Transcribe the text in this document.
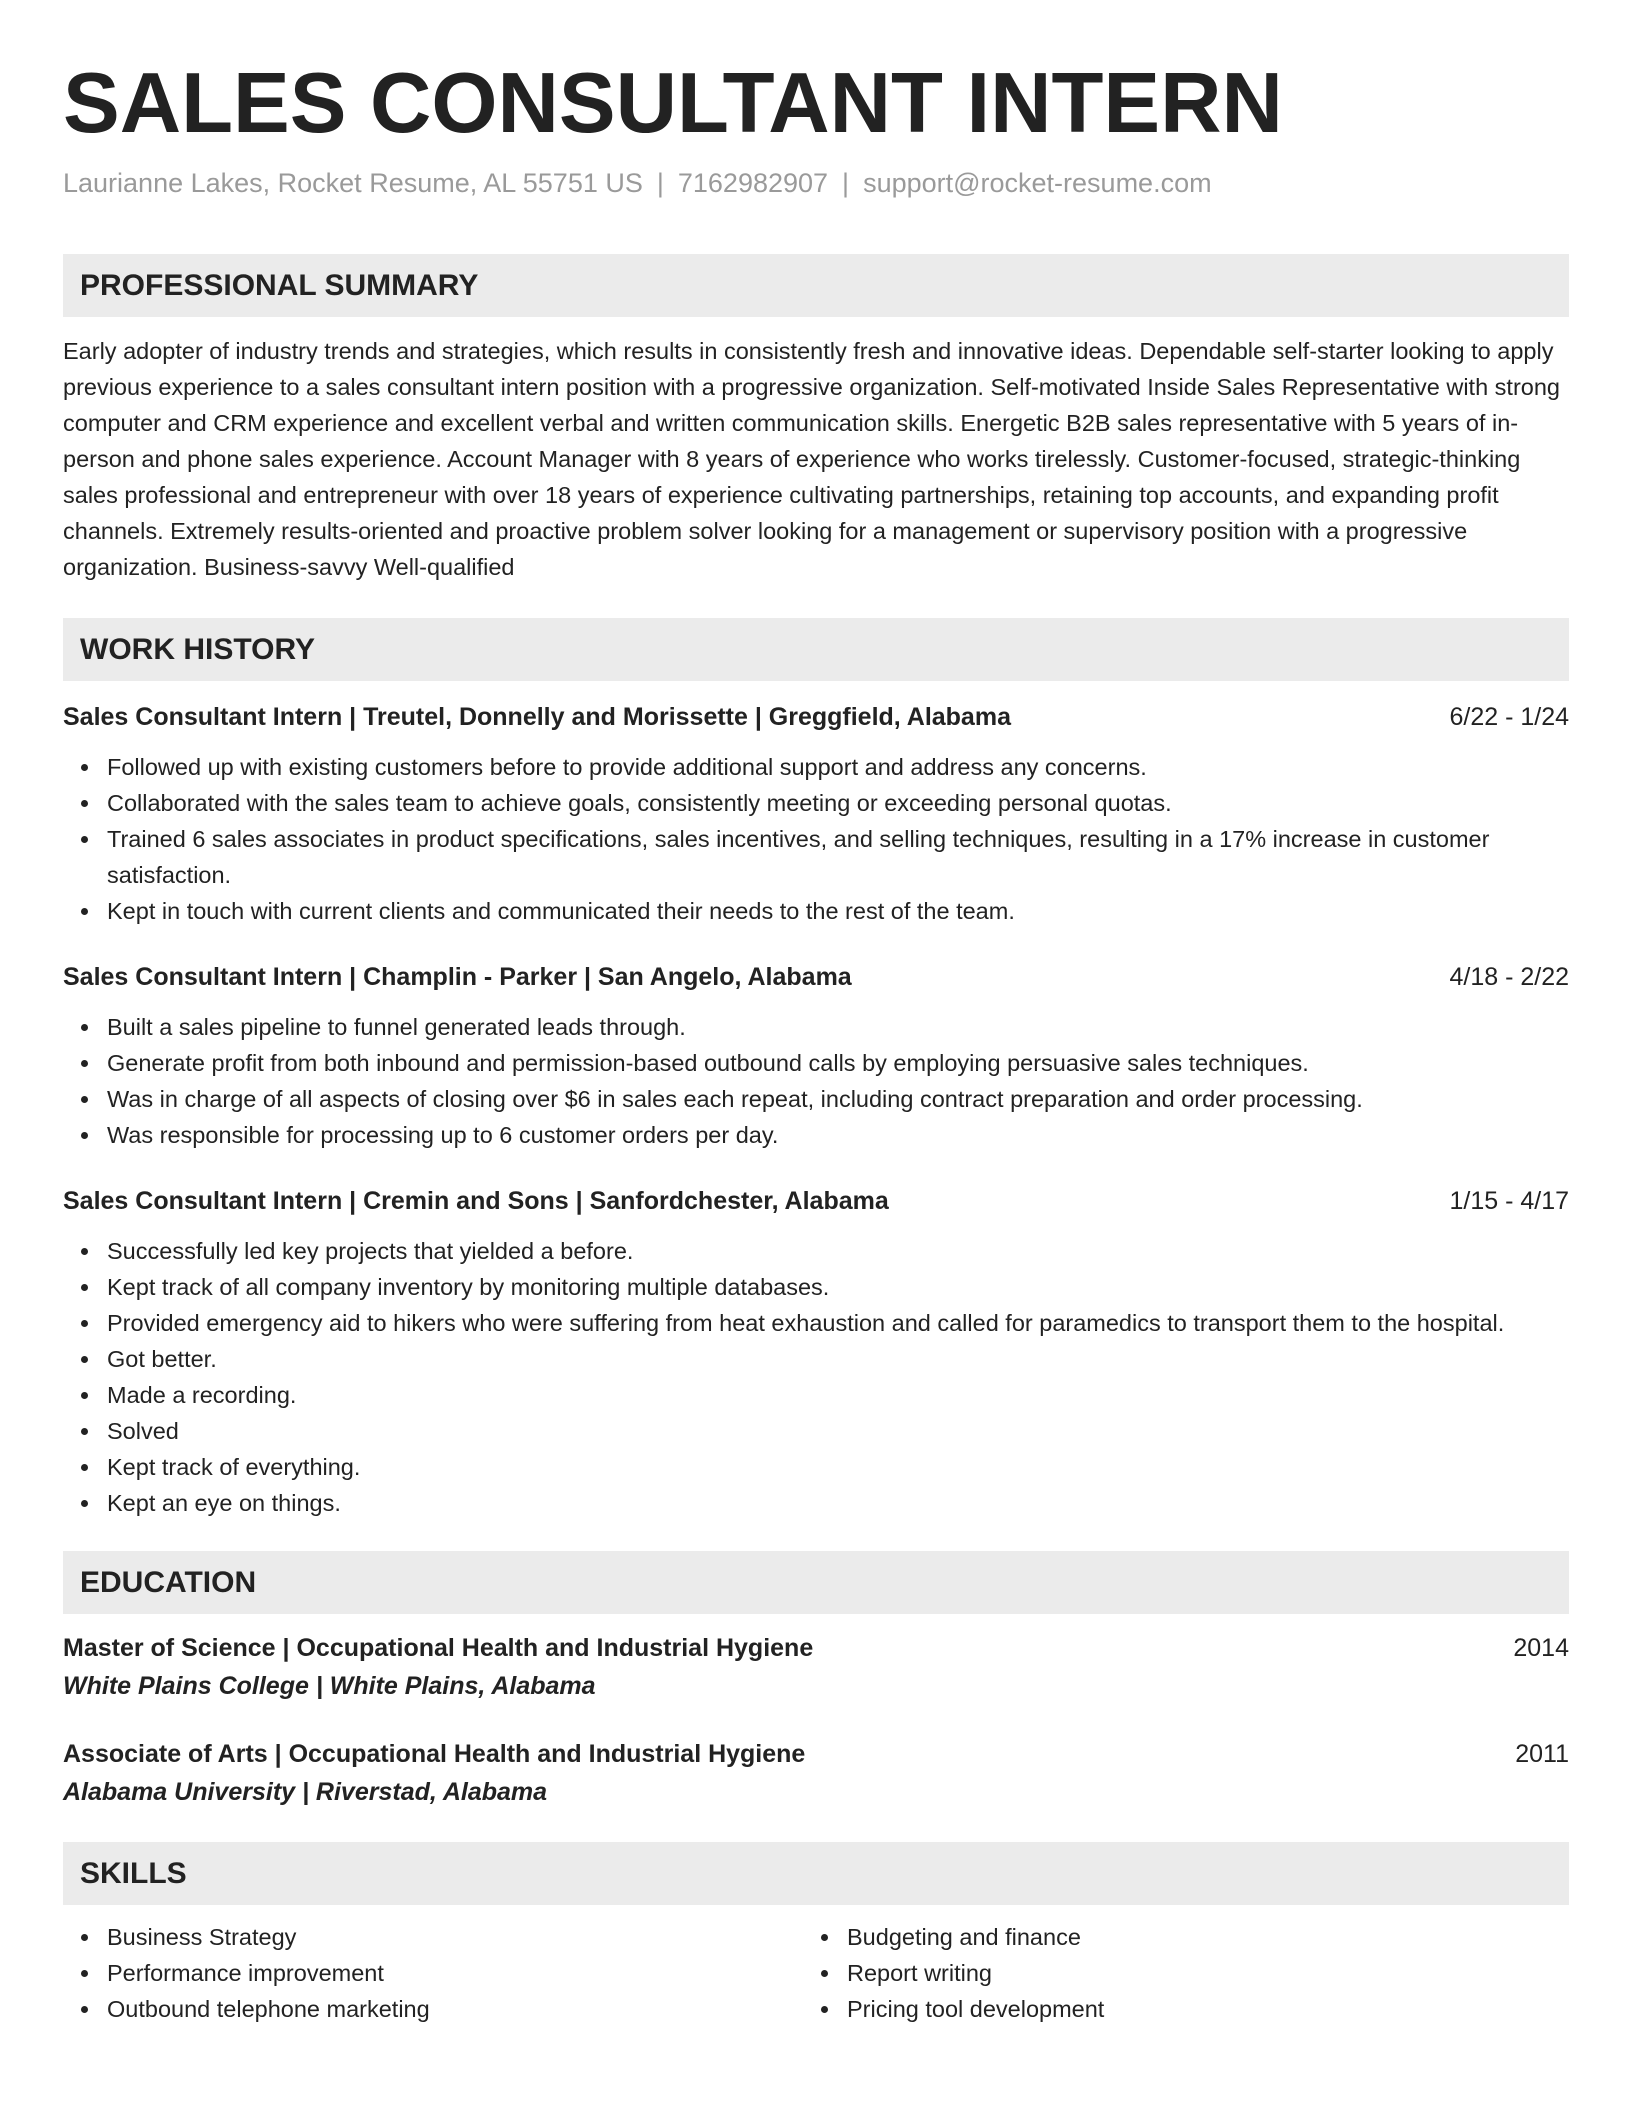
SALES CONSULTANT INTERN
Laurianne Lakes, Rocket Resume, AL 55751 US | 7162982907 | support@rocket-resume.com
PROFESSIONAL SUMMARY
Early adopter of industry trends and strategies, which results in consistently fresh and innovative ideas. Dependable self-starter looking to apply previous experience to a sales consultant intern position with a progressive organization. Self-motivated Inside Sales Representative with strong computer and CRM experience and excellent verbal and written communication skills. Energetic B2B sales representative with 5 years of in-person and phone sales experience. Account Manager with 8 years of experience who works tirelessly. Customer-focused, strategic-thinking sales professional and entrepreneur with over 18 years of experience cultivating partnerships, retaining top accounts, and expanding profit channels. Extremely results-oriented and proactive problem solver looking for a management or supervisory position with a progressive organization. Business-savvy Well-qualified
WORK HISTORY
Sales Consultant Intern | Treutel, Donnelly and Morissette | Greggfield, Alabama	6/22 - 1/24
Followed up with existing customers before to provide additional support and address any concerns.
Collaborated with the sales team to achieve goals, consistently meeting or exceeding personal quotas.
Trained 6 sales associates in product specifications, sales incentives, and selling techniques, resulting in a 17% increase in customer satisfaction.
Kept in touch with current clients and communicated their needs to the rest of the team.
Sales Consultant Intern | Champlin - Parker | San Angelo, Alabama	4/18 - 2/22
Built a sales pipeline to funnel generated leads through.
Generate profit from both inbound and permission-based outbound calls by employing persuasive sales techniques.
Was in charge of all aspects of closing over $6 in sales each repeat, including contract preparation and order processing.
Was responsible for processing up to 6 customer orders per day.
Sales Consultant Intern | Cremin and Sons | Sanfordchester, Alabama	1/15 - 4/17
Successfully led key projects that yielded a before.
Kept track of all company inventory by monitoring multiple databases.
Provided emergency aid to hikers who were suffering from heat exhaustion and called for paramedics to transport them to the hospital.
Got better.
Made a recording.
Solved
Kept track of everything.
Kept an eye on things.
EDUCATION
Master of Science | Occupational Health and Industrial Hygiene	2014
White Plains College | White Plains, Alabama
Associate of Arts | Occupational Health and Industrial Hygiene	2011
Alabama University | Riverstad, Alabama
SKILLS
Business Strategy
Performance improvement
Outbound telephone marketing
Budgeting and finance
Report writing
Pricing tool development
